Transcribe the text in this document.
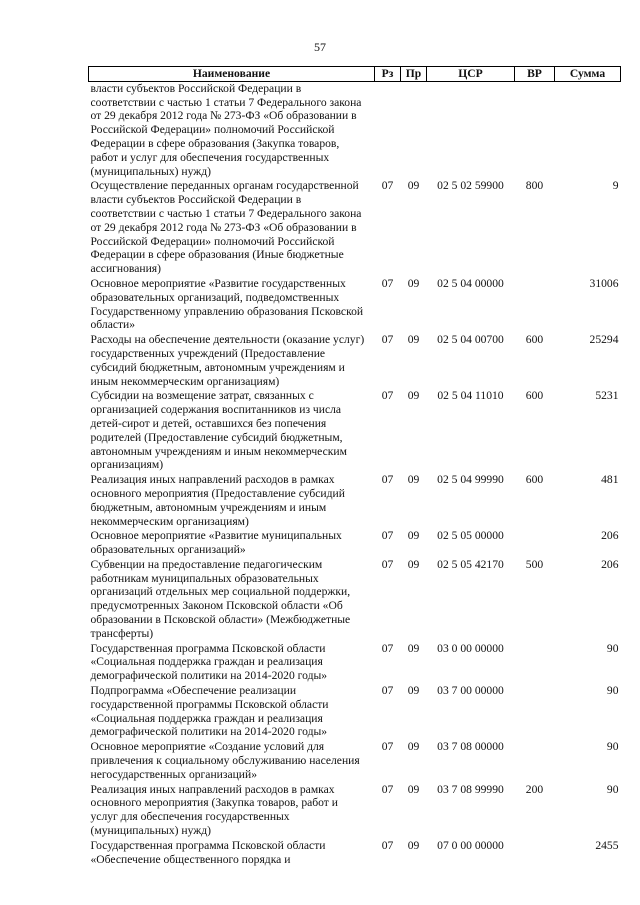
57
Наименование	Рз	Пр	ЦСР	ВР	Сумма
власти субъектов Российской Федерации в соответствии с частью 1 статьи 7 Федерального закона от 29 декабря 2012 года № 273-ФЗ «Об образовании в Российской Федерации» полномочий Российской Федерации в сфере образования (Закупка товаров, работ и услуг для обеспечения государственных (муниципальных) нужд)					
Осуществление переданных органам государственной власти субъектов Российской Федерации в соответствии с частью 1 статьи 7 Федерального закона от 29 декабря 2012 года № 273-ФЗ «Об образовании в Российской Федерации» полномочий Российской Федерации в сфере образования (Иные бюджетные ассигнования)	07	09	02 5 02 59900	800	9
Основное мероприятие «Развитие государственных образовательных организаций, подведомственных Государственному управлению образования Псковской области»	07	09	02 5 04 00000		31006
Расходы на обеспечение деятельности (оказание услуг) государственных учреждений (Предоставление субсидий бюджетным, автономным учреждениям и иным некоммерческим организациям)	07	09	02 5 04 00700	600	25294
Субсидии на возмещение затрат, связанных с организацией содержания воспитанников из числа детей-сирот и детей, оставшихся без попечения родителей (Предоставление субсидий бюджетным, автономным учреждениям и иным некоммерческим организациям)	07	09	02 5 04 11010	600	5231
Реализация иных направлений расходов в рамках основного мероприятия (Предоставление субсидий бюджетным, автономным учреждениям и иным некоммерческим организациям)	07	09	02 5 04 99990	600	481
Основное мероприятие «Развитие муниципальных образовательных организаций»	07	09	02 5 05 00000		206
Субвенции на предоставление педагогическим работникам муниципальных образовательных организаций отдельных мер социальной поддержки, предусмотренных Законом Псковской области «Об образовании в Псковской области» (Межбюджетные трансферты)	07	09	02 5 05 42170	500	206
Государственная программа Псковской области «Социальная поддержка граждан и реализация демографической политики на 2014-2020 годы»	07	09	03 0 00 00000		90
Подпрограмма «Обеспечение реализации государственной программы Псковской области «Социальная поддержка граждан и реализация демографической политики на 2014-2020 годы»	07	09	03 7 00 00000		90
Основное мероприятие «Создание условий для привлечения к социальному обслуживанию населения негосударственных организаций»	07	09	03 7 08 00000		90
Реализация иных направлений расходов в рамках основного мероприятия (Закупка товаров, работ и услуг для обеспечения государственных (муниципальных) нужд)	07	09	03 7 08 99990	200	90
Государственная программа Псковской области «Обеспечение общественного порядка и	07	09	07 0 00 00000		2455
